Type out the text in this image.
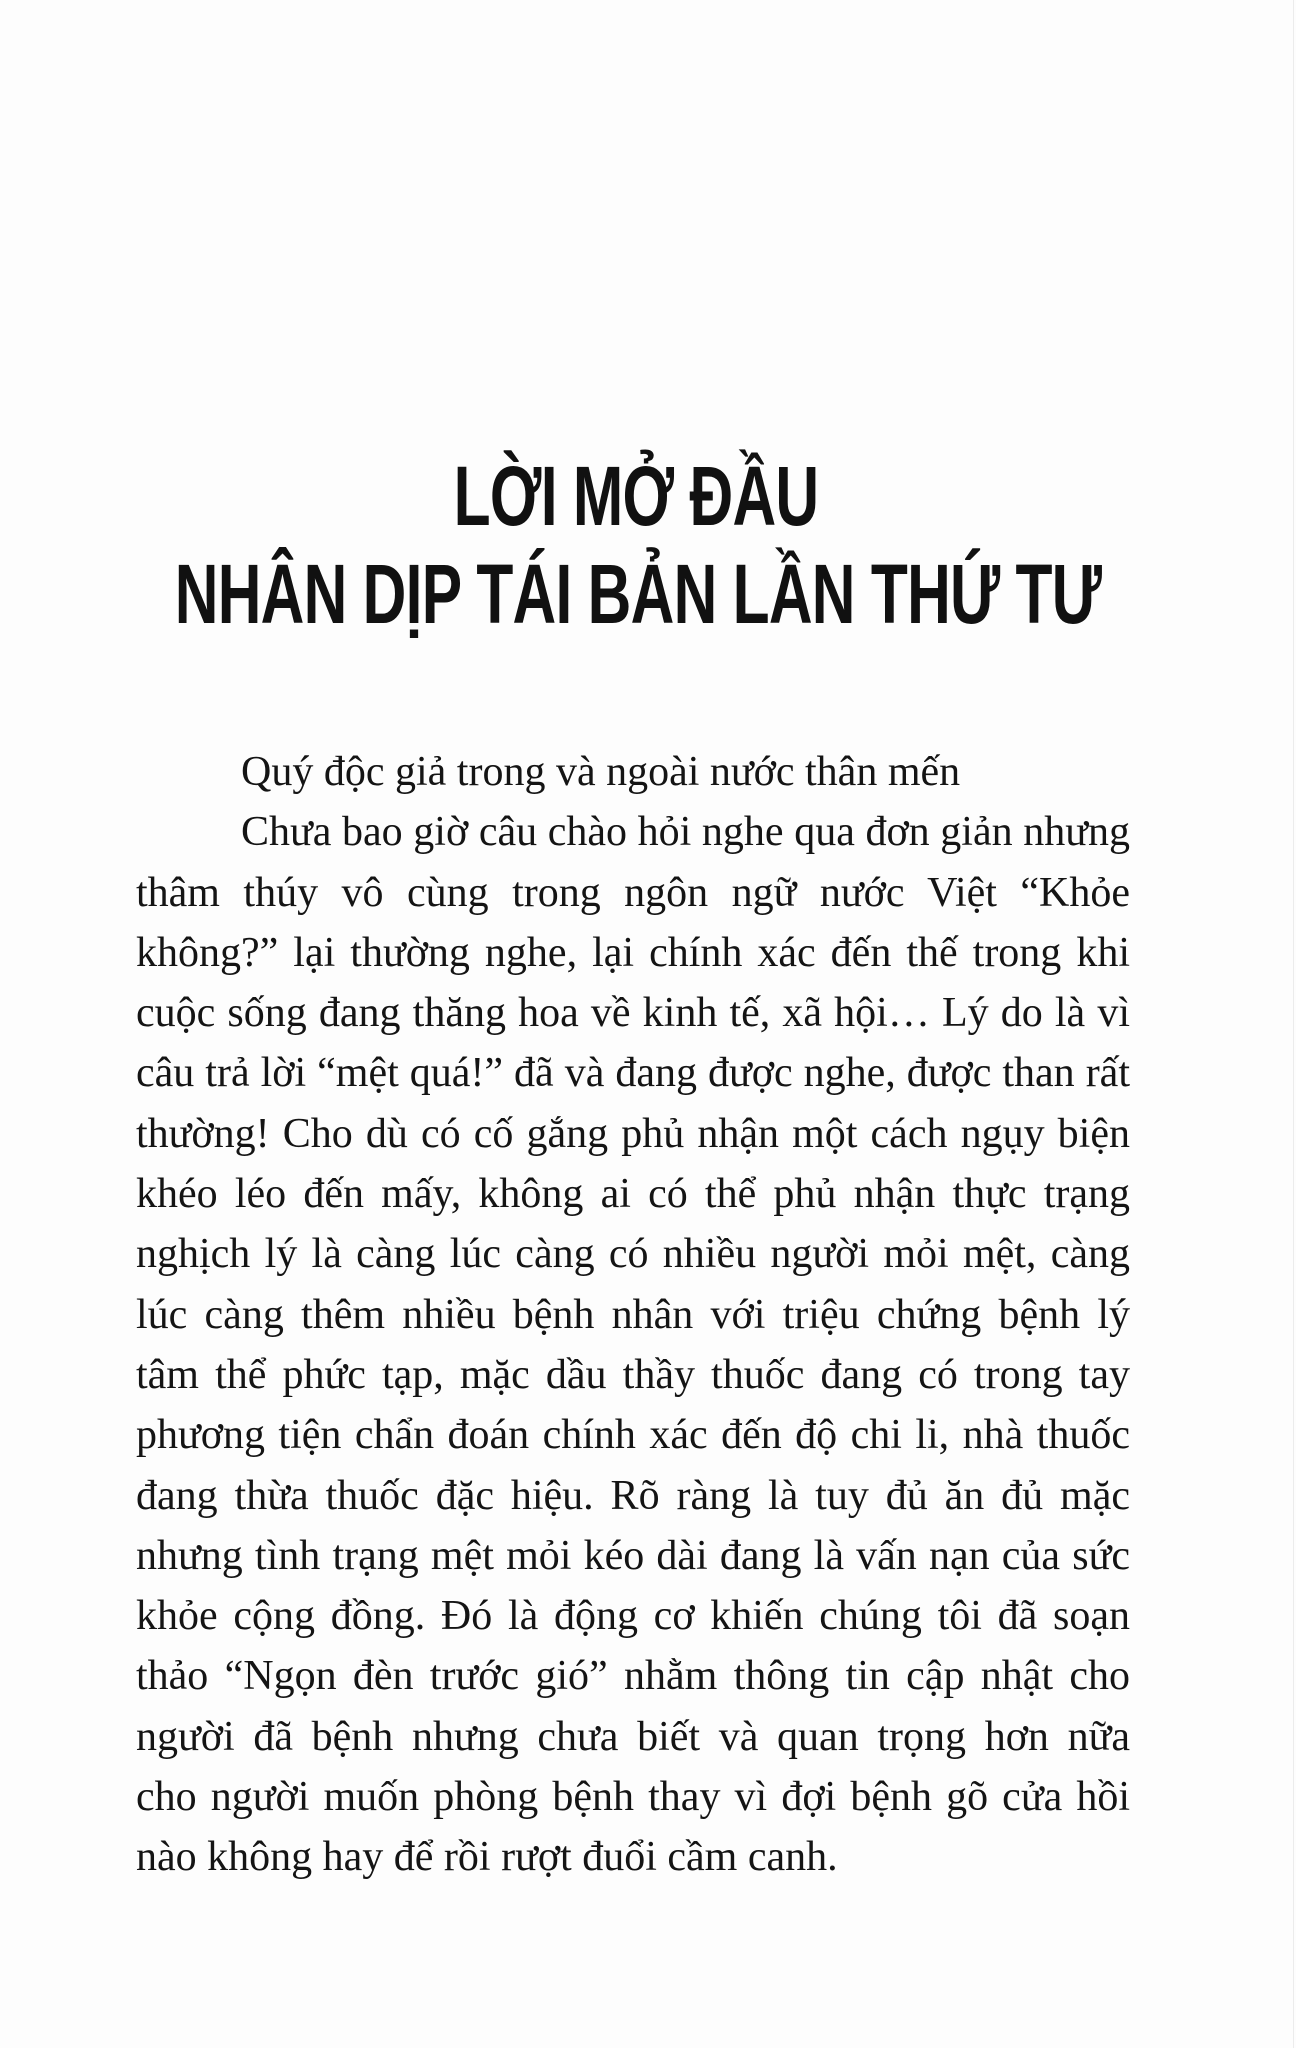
LỜI MỞ ĐẦU
NHÂN DỊP TÁI BẢN LẦN THỨ TƯ
Quý độc giả trong và ngoài nước thân mến
Chưa bao giờ câu chào hỏi nghe qua đơn giản nhưng
thâm thúy vô cùng trong ngôn ngữ nước Việt “Khỏe
không?” lại thường nghe, lại chính xác đến thế trong khi
cuộc sống đang thăng hoa về kinh tế, xã hội… Lý do là vì
câu trả lời “mệt quá!” đã và đang được nghe, được than rất
thường! Cho dù có cố gắng phủ nhận một cách ngụy biện
khéo léo đến mấy, không ai có thể phủ nhận thực trạng
nghịch lý là càng lúc càng có nhiều người mỏi mệt, càng
lúc càng thêm nhiều bệnh nhân với triệu chứng bệnh lý
tâm thể phức tạp, mặc dầu thầy thuốc đang có trong tay
phương tiện chẩn đoán chính xác đến độ chi li, nhà thuốc
đang thừa thuốc đặc hiệu. Rõ ràng là tuy đủ ăn đủ mặc
nhưng tình trạng mệt mỏi kéo dài đang là vấn nạn của sức
khỏe cộng đồng. Đó là động cơ khiến chúng tôi đã soạn
thảo “Ngọn đèn trước gió” nhằm thông tin cập nhật cho
người đã bệnh nhưng chưa biết và quan trọng hơn nữa
cho người muốn phòng bệnh thay vì đợi bệnh gõ cửa hồi
nào không hay để rồi rượt đuổi cầm canh.
